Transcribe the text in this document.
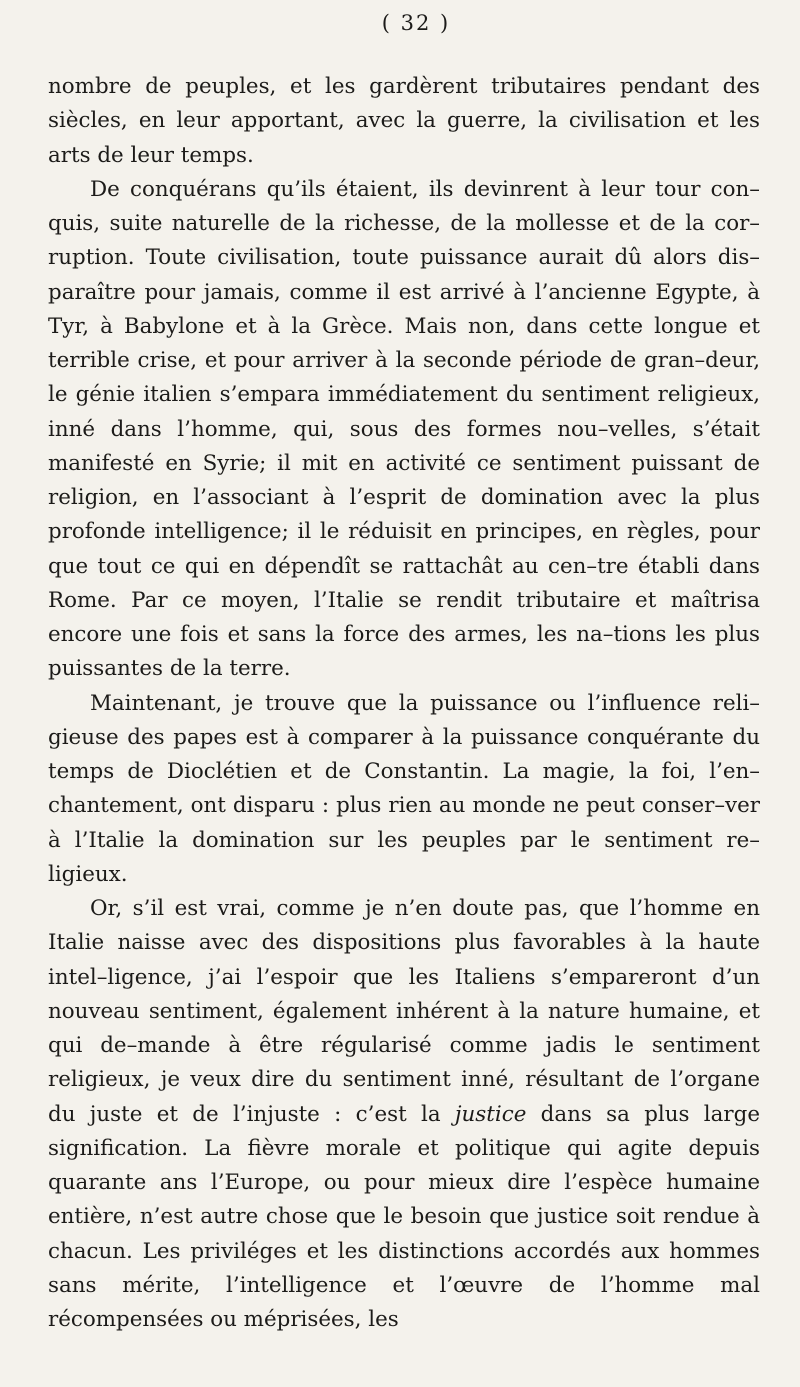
( 32 )

nombre de peuples, et les gardèrent tributaires pendant des siècles, en leur apportant, avec la guerre, la civilisation et les arts de leur temps.

De conquérans qu’ils étaient, ils devinrent à leur tour con–quis, suite naturelle de la richesse, de la mollesse et de la cor–ruption. Toute civilisation, toute puissance aurait dû alors dis–paraître pour jamais, comme il est arrivé à l’ancienne Egypte, à Tyr, à Babylone et à la Grèce. Mais non, dans cette longue et terrible crise, et pour arriver à la seconde période de gran–deur, le génie italien s’empara immédiatement du sentiment religieux, inné dans l’homme, qui, sous des formes nou–velles, s’était manifesté en Syrie; il mit en activité ce sentiment puissant de religion, en l’associant à l’esprit de domination avec la plus profonde intelligence; il le réduisit en principes, en règles, pour que tout ce qui en dépendît se rattachât au cen–tre établi dans Rome. Par ce moyen, l’Italie se rendit tributaire et maîtrisa encore une fois et sans la force des armes, les na–tions les plus puissantes de la terre.

Maintenant, je trouve que la puissance ou l’influence reli–gieuse des papes est à comparer à la puissance conquérante du temps de Dioclétien et de Constantin. La magie, la foi, l’en–chantement, ont disparu : plus rien au monde ne peut conser–ver à l’Italie la domination sur les peuples par le sentiment re–ligieux.

Or, s’il est vrai, comme je n’en doute pas, que l’homme en Italie naisse avec des dispositions plus favorables à la haute intel–ligence, j’ai l’espoir que les Italiens s’empareront d’un nouveau sentiment, également inhérent à la nature humaine, et qui de–mande à être régularisé comme jadis le sentiment religieux, je veux dire du sentiment inné, résultant de l’organe du juste et de l’injuste : c’est la justice dans sa plus large signification. La fièvre morale et politique qui agite depuis quarante ans l’Europe, ou pour mieux dire l’espèce humaine entière, n’est autre chose que le besoin que justice soit rendue à chacun. Les priviléges et les distinctions accordés aux hommes sans mérite, l’intelligence et l’œuvre de l’homme mal récompensées ou méprisées, les
